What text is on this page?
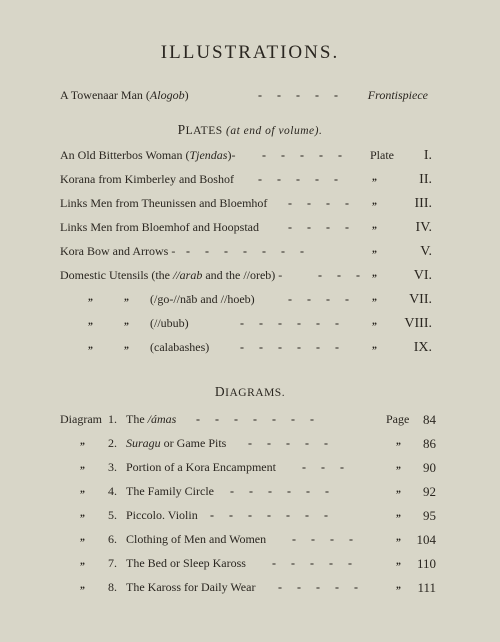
ILLUSTRATIONS.
A Towenaar Man (Alogob)	- - - - - Frontispiece
PLATES (at end of volume).
An Old Bitterbos Woman (Tjendas)- - - - - - Plate I.
Korana from Kimberley and Boshof - - - - -	„	II.
Links Men from Theunissen and Bloemhof - - - - „	III.
Links Men from Bloemhof and Hoopstad - - - - „	IV.
Kora Bow and Arrows - - - - - - - -	„	V.
Domestic Utensils (the //arab and the //oreb) -	- - - „	VI.
„	„ (/go-//nāb and //hoeb)	- - - - „ VII.
„	„ (//ubub)	- - - - - -	„ VIII.
„	„ (calabashes)	- - - - - -	„	IX.
DIAGRAMS.
Diagram 1. The /ámas - - - - - - -	Page 84
„ 2. Suragu or Game Pits - - - - -	„ 86
„ 3. Portion of a Kora Encampment - - -	„ 90
„ 4. The Family Circle - - - - - -	„ 92
„ 5. Piccolo. Violin - - - - - - -	„ 95
„ 6. Clothing of Men and Women - - - -	„ 104
„ 7. The Bed or Sleep Kaross - - - - -	„ 110
„ 8. The Kaross for Daily Wear - - - - -	„ 111
